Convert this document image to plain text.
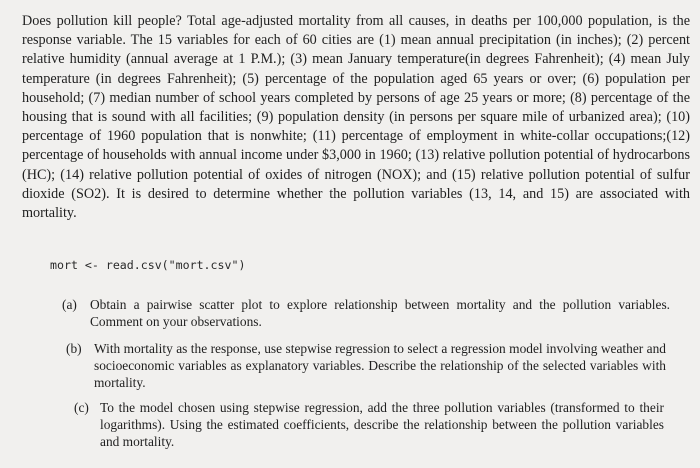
Does pollution kill people? Total age-adjusted mortality from all causes, in deaths per 100,000 population, is the response variable. The 15 variables for each of 60 cities are (1) mean annual precipitation (in inches); (2) percent relative humidity (annual average at 1 P.M.); (3) mean January temperature(in degrees Fahrenheit); (4) mean July temperature (in degrees Fahrenheit); (5) percentage of the population aged 65 years or over; (6) population per household; (7) median number of school years completed by persons of age 25 years or more; (8) percentage of the housing that is sound with all facilities; (9) population density (in persons per square mile of urbanized area); (10) percentage of 1960 population that is nonwhite; (11) percentage of employment in white-collar occupations;(12) percentage of households with annual income under $3,000 in 1960; (13) relative pollution potential of hydrocarbons (HC); (14) relative pollution potential of oxides of nitrogen (NOX); and (15) relative pollution potential of sulfur dioxide (SO2). It is desired to determine whether the pollution variables (13, 14, and 15) are associated with mortality.

mort <- read.csv("mort.csv")
(a) Obtain a pairwise scatter plot to explore relationship between mortality and the pollution variables. Comment on your observations.
(b) With mortality as the response, use stepwise regression to select a regression model involving weather and socioeconomic variables as explanatory variables. Describe the relationship of the selected variables with mortality.
(c) To the model chosen using stepwise regression, add the three pollution variables (transformed to their logarithms). Using the estimated coefficients, describe the relationship between the pollution variables and mortality.
